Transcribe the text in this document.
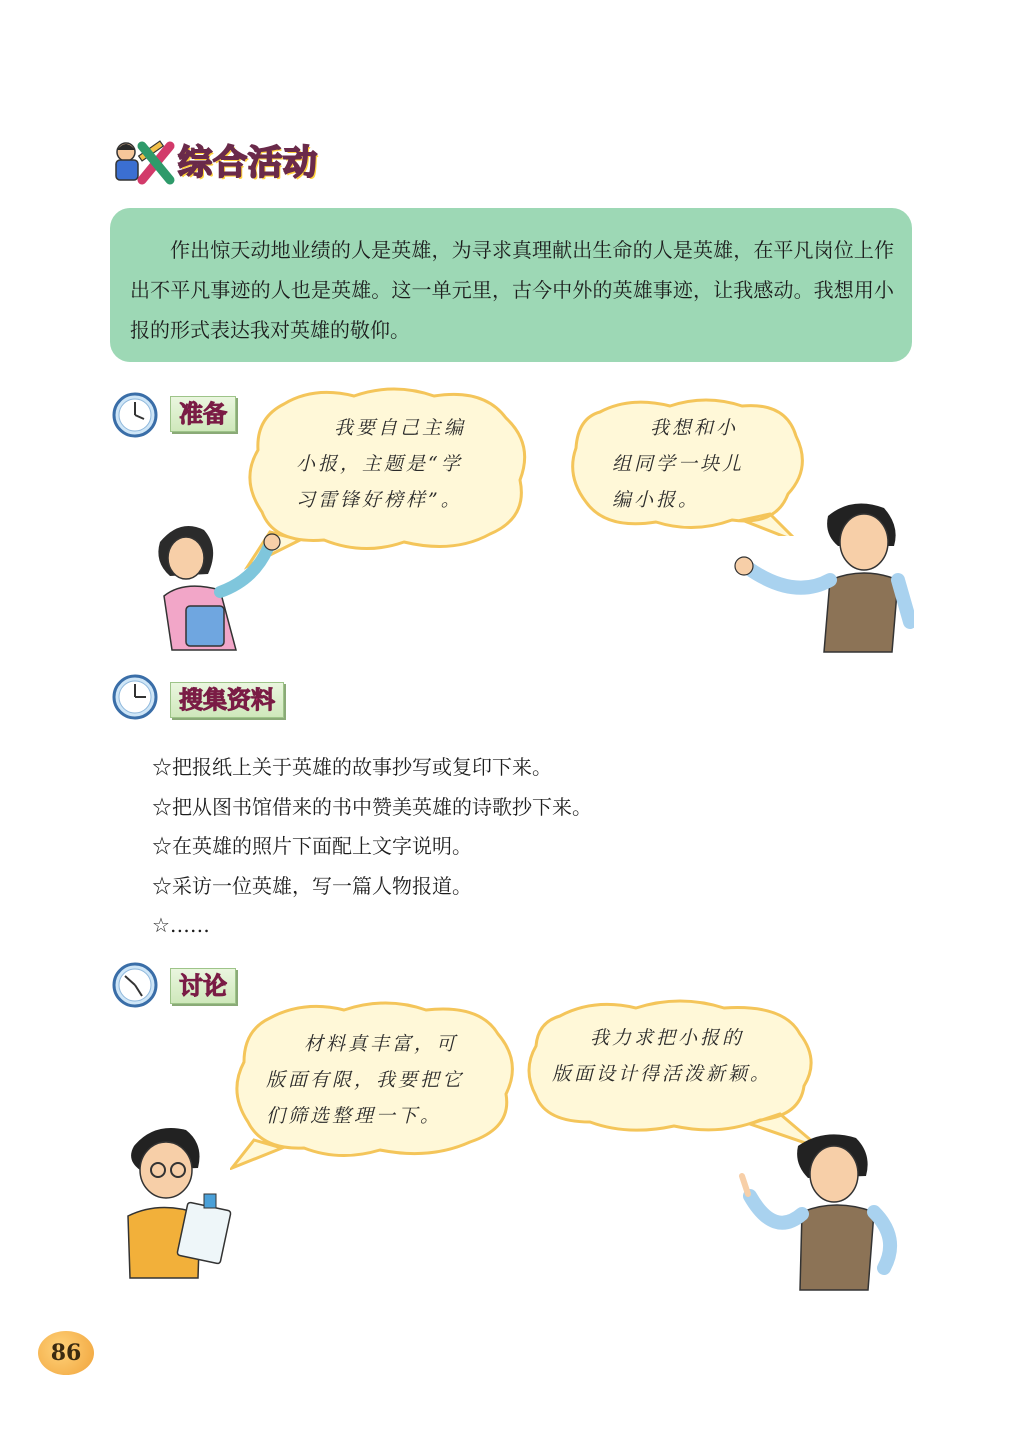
综合活动

作出惊天动地业绩的人是英雄，为寻求真理献出生命的人是英雄，在平凡岗位上作出不平凡事迹的人也是英雄。这一单元里，古今中外的英雄事迹，让我感动。我想用小报的形式表达我对英雄的敬仰。

准备	我要自己主编
小报，主题是“学
习雷锋好榜样”。
我想和小
组同学一块儿
编小报。
搜集资料
☆把报纸上关于英雄的故事抄写或复印下来。
☆把从图书馆借来的书中赞美英雄的诗歌抄下来。
☆在英雄的照片下面配上文字说明。
☆采访一位英雄，写一篇人物报道。
☆……
讨论
材料真丰富，可
版面有限，我要把它
们筛选整理一下。
我力求把小报的
版面设计得活泼新颖。
86
